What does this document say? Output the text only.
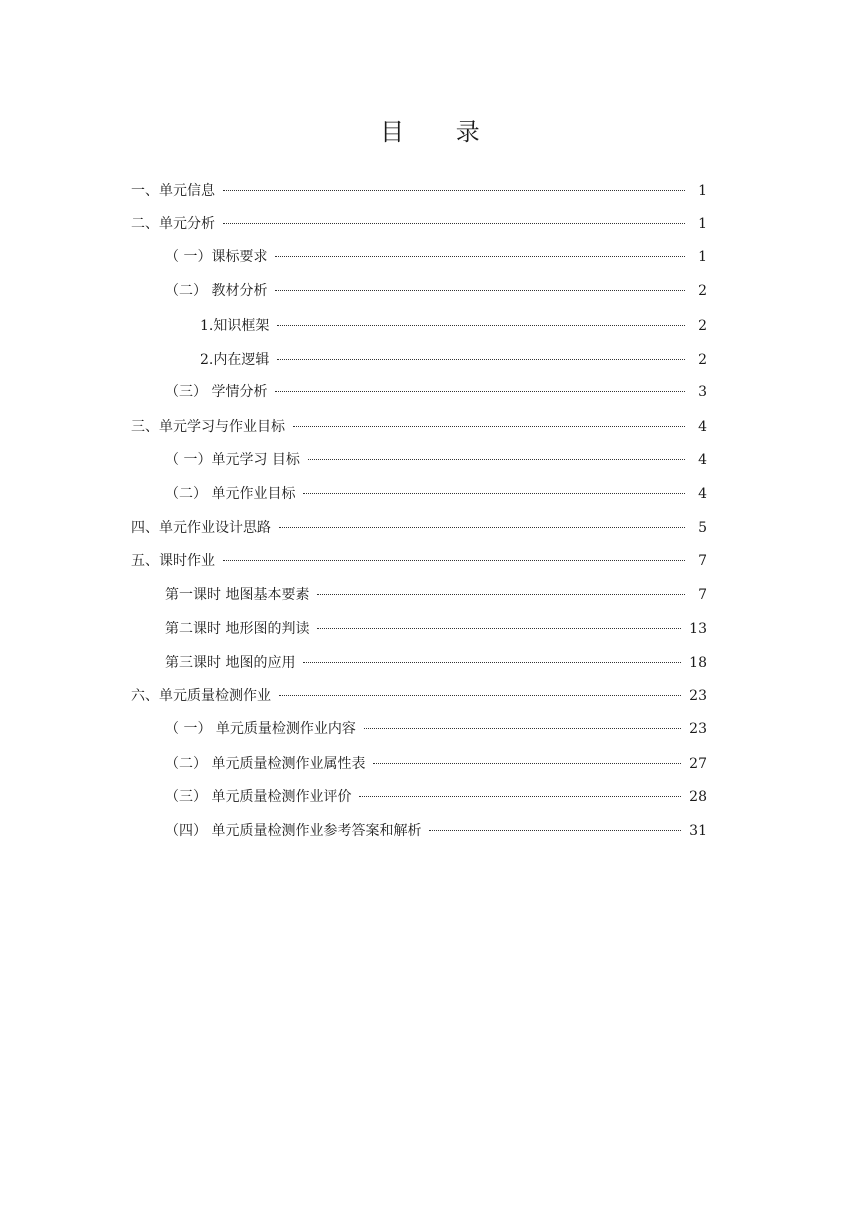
目 录
一、单元信息	1
二、单元分析	1
（ 一）课标要求	1
（二） 教材分析	2
1.知识框架	2
2.内在逻辑	2
（三） 学情分析	3
三、单元学习与作业目标	4
（ 一）单元学习 目标	4
（二） 单元作业目标	4
四、单元作业设计思路	5
五、课时作业	7
第一课时 地图基本要素	7
第二课时 地形图的判读	13
第三课时 地图的应用	18
六、单元质量检测作业	23
（ 一） 单元质量检测作业内容	23
（二） 单元质量检测作业属性表	27
（三） 单元质量检测作业评价	28
（四） 单元质量检测作业参考答案和解析	31
